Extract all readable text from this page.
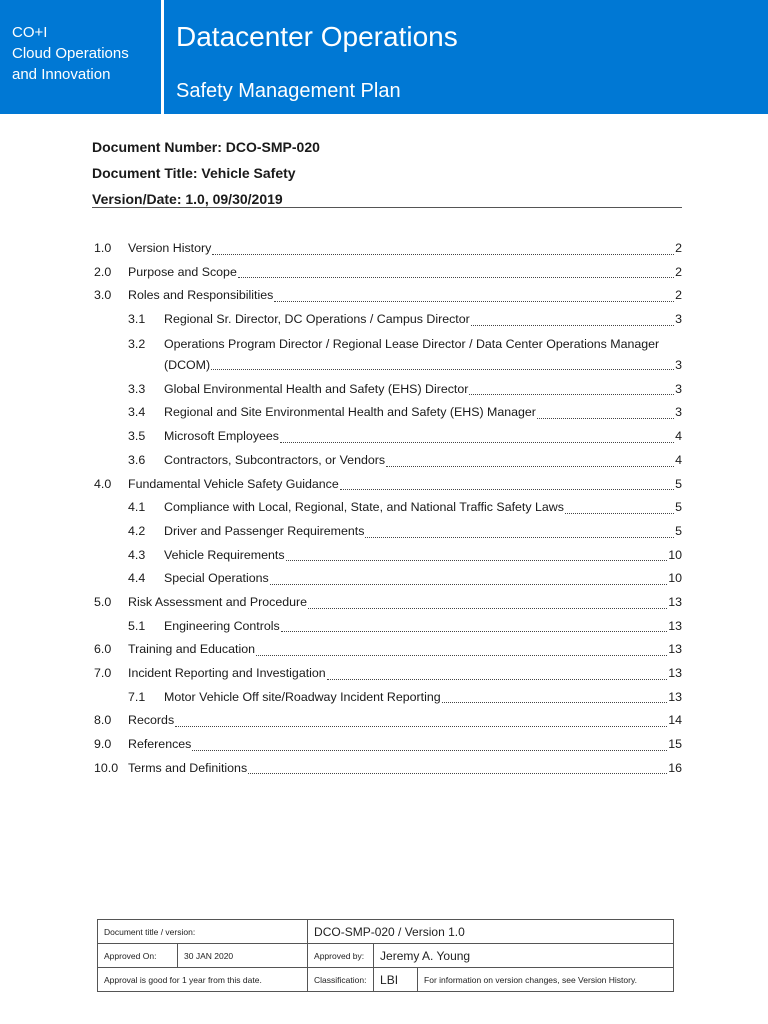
CO+I
Cloud Operations
and Innovation
Datacenter Operations
Safety Management Plan
Document Number: DCO-SMP-020
Document Title: Vehicle Safety
Version/Date: 1.0, 09/30/2019
1.0	Version History	2
2.0	Purpose and Scope	2
3.0	Roles and Responsibilities	2
3.1	Regional Sr. Director, DC Operations / Campus Director	3
3.2	Operations Program Director / Regional Lease Director / Data Center Operations Manager
(DCOM)	3
3.3	Global Environmental Health and Safety (EHS) Director	3
3.4	Regional and Site Environmental Health and Safety (EHS) Manager	3
3.5	Microsoft Employees	4
3.6	Contractors, Subcontractors, or Vendors	4
4.0	Fundamental Vehicle Safety Guidance	5
4.1	Compliance with Local, Regional, State, and National Traffic Safety Laws	5
4.2	Driver and Passenger Requirements	5
4.3	Vehicle Requirements	10
4.4	Special Operations	10
5.0	Risk Assessment and Procedure	13
5.1	Engineering Controls	13
6.0	Training and Education	13
7.0	Incident Reporting and Investigation	13
7.1	Motor Vehicle Off site/Roadway Incident Reporting	13
8.0	Records	14
9.0	References	15
10.0 Terms and Definitions	16
Document title / version:		DCO-SMP-020 / Version 1.0		
Approved On:	30 JAN 2020	Approved by:	Jeremy A. Young	
Approval is good for 1 year from this date.		Classification:	LBI	For information on version changes, see Version History.
